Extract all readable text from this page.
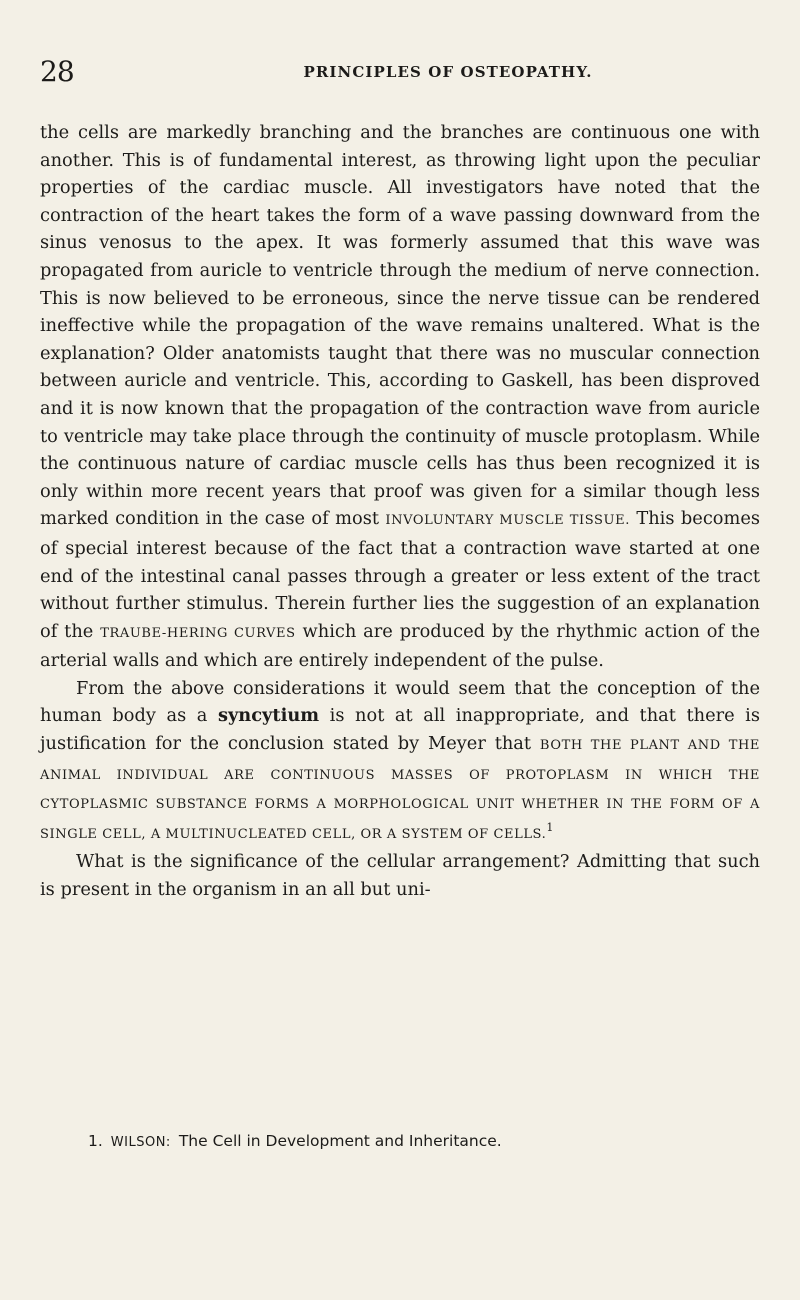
28	PRINCIPLES OF OSTEOPATHY.

the cells are markedly branching and the branches are continuous one with another. This is of fundamental interest, as throwing light upon the peculiar properties of the cardiac muscle. All investigators have noted that the contraction of the heart takes the form of a wave passing downward from the sinus venosus to the apex. It was formerly assumed that this wave was propagated from auricle to ventricle through the medium of nerve connection. This is now believed to be erroneous, since the nerve tissue can be rendered ineffective while the propagation of the wave remains unaltered. What is the explanation? Older anatomists taught that there was no muscular connection between auricle and ventricle. This, according to Gaskell, has been disproved and it is now known that the propagation of the contraction wave from auricle to ventricle may take place through the continuity of muscle protoplasm. While the continuous nature of cardiac muscle cells has thus been recognized it is only within more recent years that proof was given for a similar though less marked condition in the case of most INVOLUNTARY MUSCLE TISSUE. This becomes of special interest because of the fact that a contraction wave started at one end of the intestinal canal passes through a greater or less extent of the tract without further stimulus. Therein further lies the suggestion of an explanation of the TRAUBE-HERING CURVES which are produced by the rhythmic action of the arterial walls and which are entirely independent of the pulse.

From the above considerations it would seem that the conception of the human body as a syncytium is not at all inappropriate, and that there is justification for the conclusion stated by Meyer that BOTH THE PLANT AND THE ANIMAL INDIVIDUAL ARE CONTINUOUS MASSES OF PROTOPLASM IN WHICH THE CYTOPLASMIC SUBSTANCE FORMS A MORPHOLOGICAL UNIT WHETHER IN THE FORM OF A SINGLE CELL, A MULTINUCLEATED CELL, OR A SYSTEM OF CELLS.$^1$

What is the significance of the cellular arrangement? Admitting that such is present in the organism in an all but uni-

1. WILSON: The Cell in Development and Inheritance.
